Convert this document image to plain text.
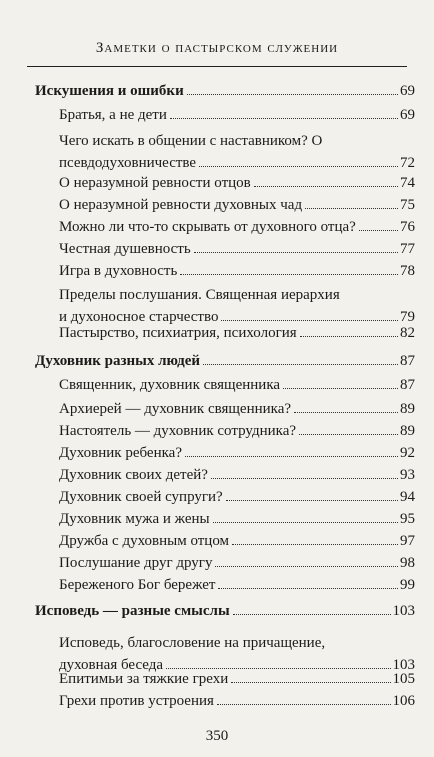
Заметки о пастырском служении
Искушения и ошибки	69
Братья, а не дети	69
Чего искать в общении с наставником? О
псевдодуховничестве	72
О неразумной ревности отцов	74
О неразумной ревности духовных чад	75
Можно ли что-то скрывать от духовного отца?	76
Честная душевность	77
Игра в духовность	78
Пределы послушания. Священная иерархия
и духоносное старчество	79
Пастырство, психиатрия, психология	82
Духовник разных людей	87
Священник, духовник священника	87
Архиерей — духовник священника?	89
Настоятель — духовник сотрудника?	89
Духовник ребенка?	92
Духовник своих детей?	93
Духовник своей супруги?	94
Духовник мужа и жены	95
Дружба с духовным отцом	97
Послушание друг другу	98
Береженого Бог бережет	99
Исповедь — разные смыслы	103
Исповедь, благословение на причащение,
духовная беседа	103
Епитимьи за тяжкие грехи	105
Грехи против устроения	106
350
